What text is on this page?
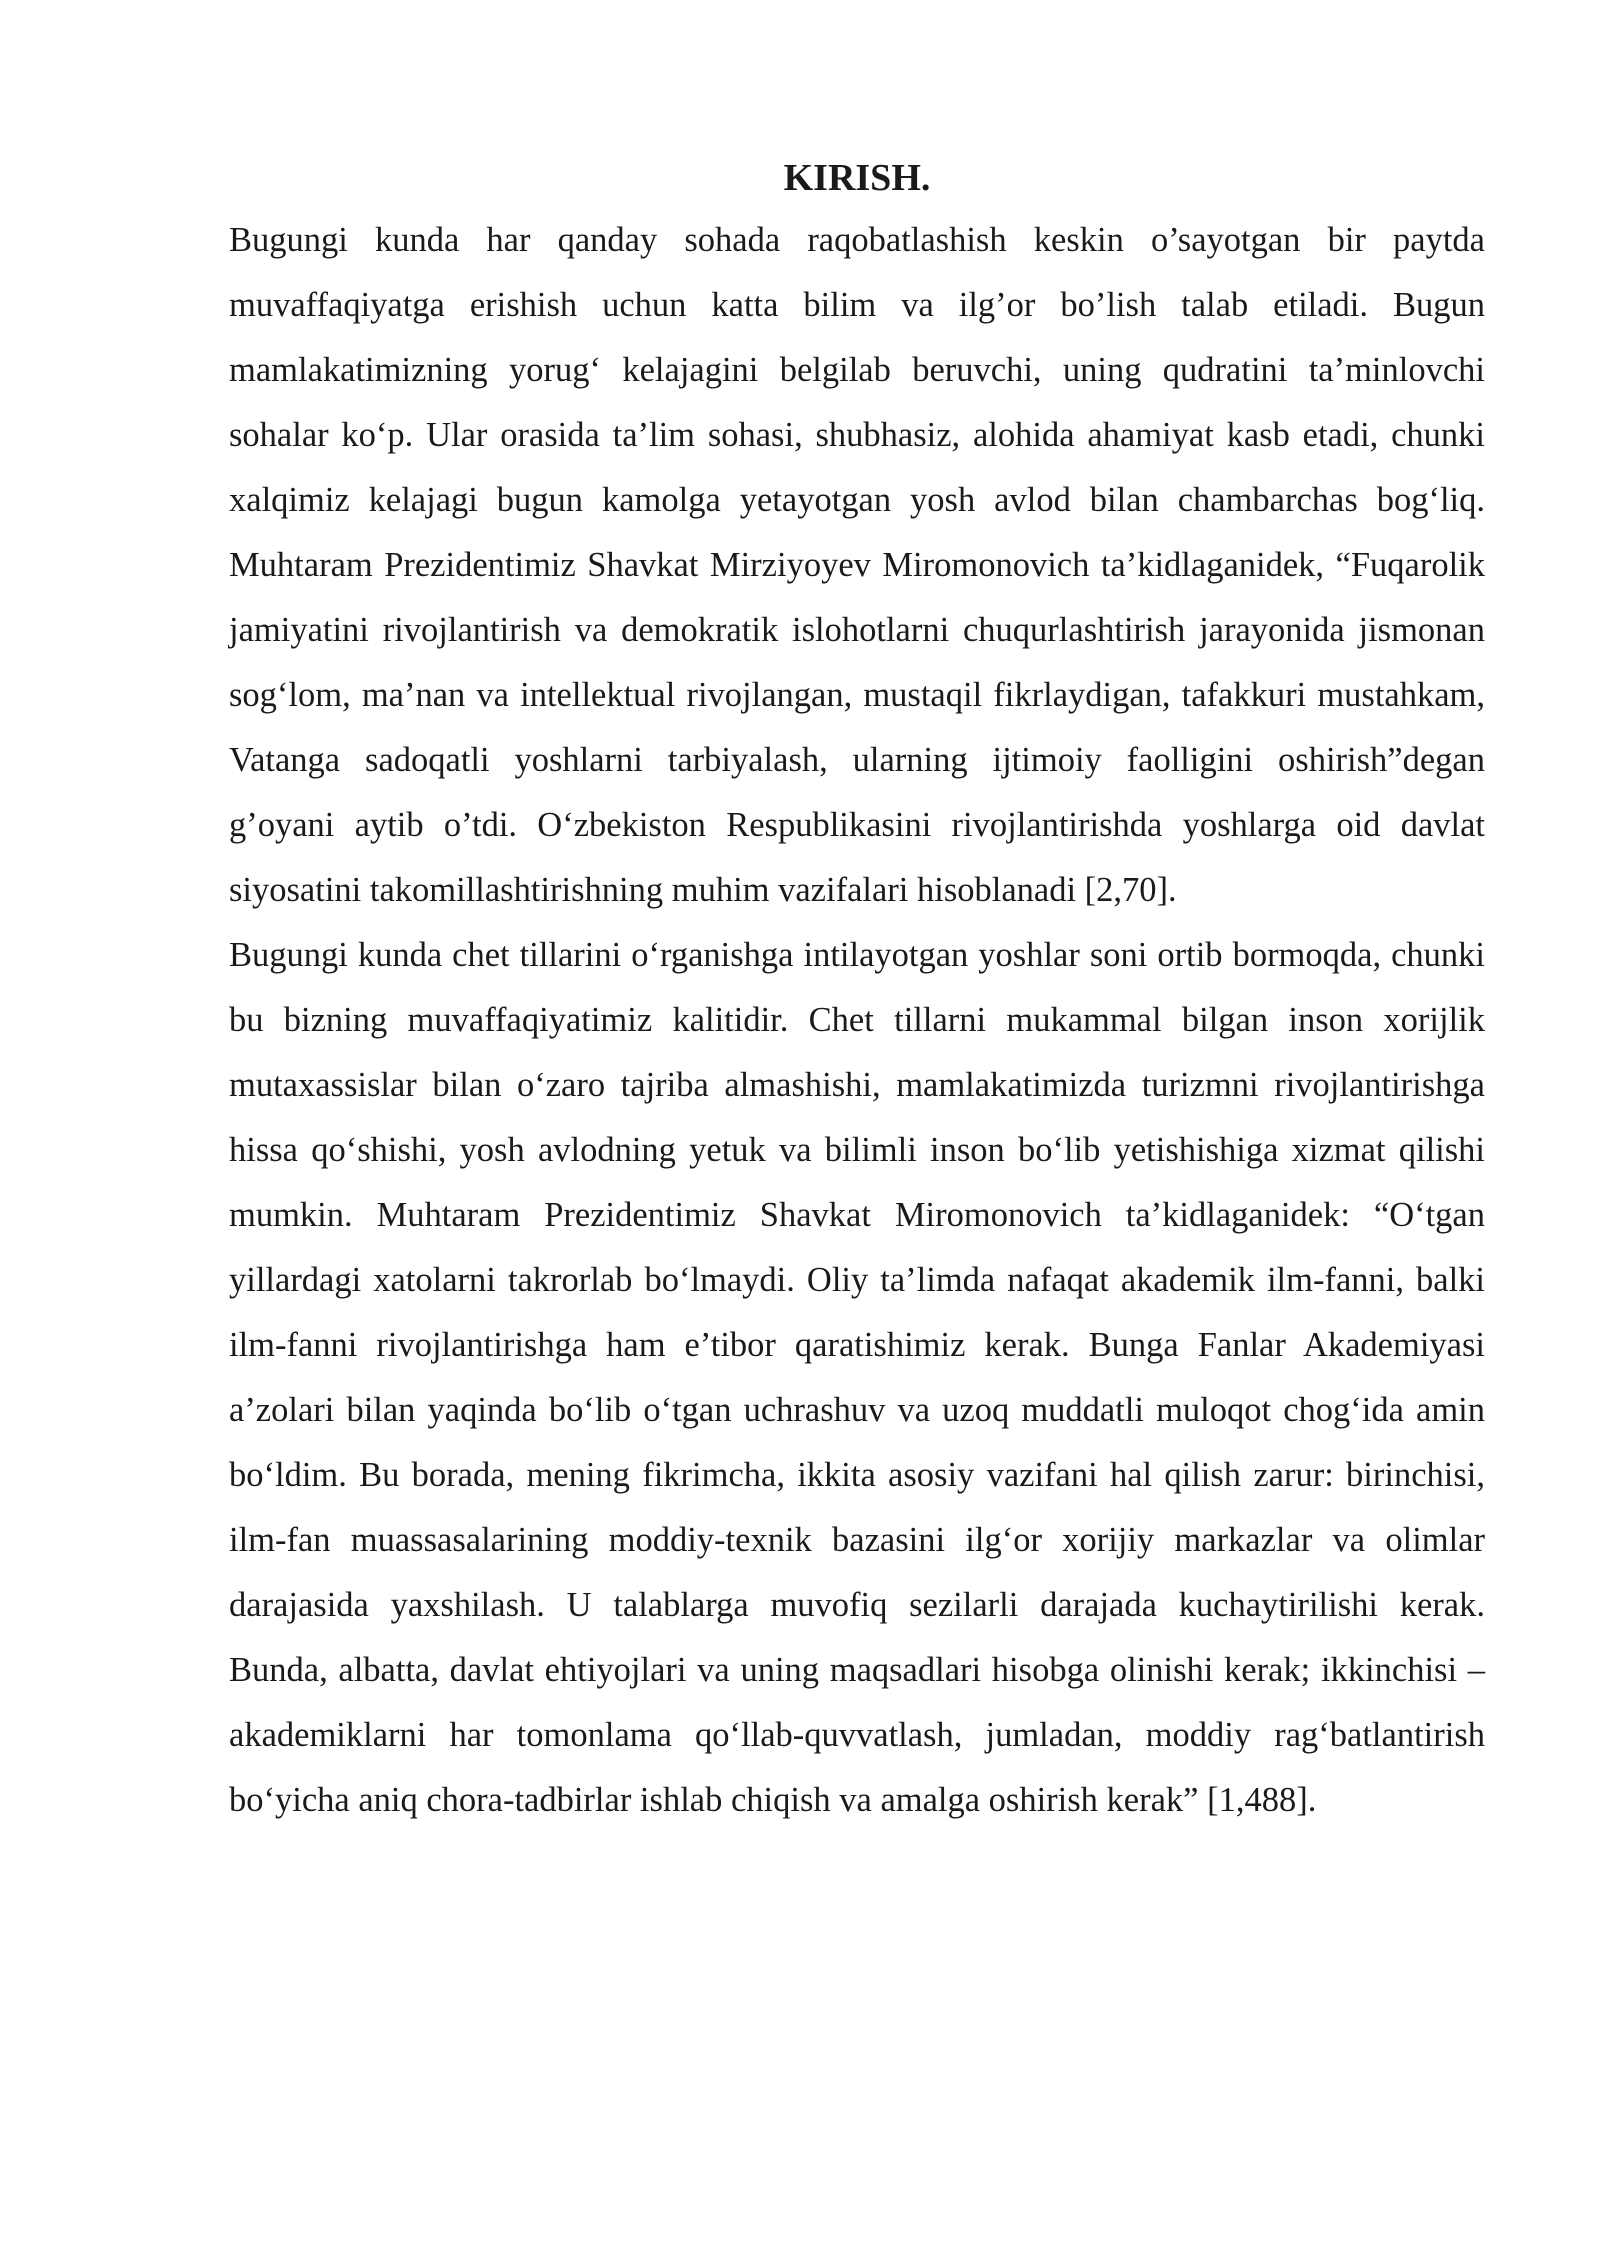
KIRISH.

Bugungi kunda har qanday sohada raqobatlashish keskin o’sayotgan bir paytda muvaffaqiyatga erishish uchun katta bilim va ilg’or bo’lish talab etiladi. Bugun mamlakatimizning yorug‘ kelajagini belgilab beruvchi, uning qudratini ta’minlovchi sohalar ko‘p. Ular orasida ta’lim sohasi, shubhasiz, alohida ahamiyat kasb etadi, chunki xalqimiz kelajagi bugun kamolga yetayotgan yosh avlod bilan chambarchas bog‘liq. Muhtaram Prezidentimiz Shavkat Mirziyoyev Miromonovich ta’kidlaganidek, “Fuqarolik jamiyatini rivojlantirish va demokratik islohotlarni chuqurlashtirish jarayonida jismonan sog‘lom, ma’nan va intellektual rivojlangan, mustaqil fikrlaydigan, tafakkuri mustahkam, Vatanga sadoqatli yoshlarni tarbiyalash, ularning ijtimoiy faolligini oshirish”degan g’oyani aytib o’tdi. O‘zbekiston Respublikasini rivojlantirishda yoshlarga oid davlat siyosatini takomillashtirishning muhim vazifalari hisoblanadi [2,70].

Bugungi kunda chet tillarini o‘rganishga intilayotgan yoshlar soni ortib bormoqda, chunki bu bizning muvaffaqiyatimiz kalitidir. Chet tillarni mukammal bilgan inson xorijlik mutaxassislar bilan o‘zaro tajriba almashishi, mamlakatimizda turizmni rivojlantirishga hissa qo‘shishi, yosh avlodning yetuk va bilimli inson bo‘lib yetishishiga xizmat qilishi mumkin. Muhtaram Prezidentimiz Shavkat Miromonovich ta’kidlaganidek: “O‘tgan yillardagi xatolarni takrorlab bo‘lmaydi. Oliy ta’limda nafaqat akademik ilm-fanni, balki ilm-fanni rivojlantirishga ham e’tibor qaratishimiz kerak. Bunga Fanlar Akademiyasi a’zolari bilan yaqinda bo‘lib o‘tgan uchrashuv va uzoq muddatli muloqot chog‘ida amin bo‘ldim. Bu borada, mening fikrimcha, ikkita asosiy vazifani hal qilish zarur: birinchisi, ilm-fan muassasalarining moddiy-texnik bazasini ilg‘or xorijiy markazlar va olimlar darajasida yaxshilash. U talablarga muvofiq sezilarli darajada kuchaytirilishi kerak. Bunda, albatta, davlat ehtiyojlari va uning maqsadlari hisobga olinishi kerak; ikkinchisi – akademiklarni har tomonlama qo‘llab-quvvatlash, jumladan, moddiy rag‘batlantirish bo‘yicha aniq chora-tadbirlar ishlab chiqish va amalga oshirish kerak” [1,488].
